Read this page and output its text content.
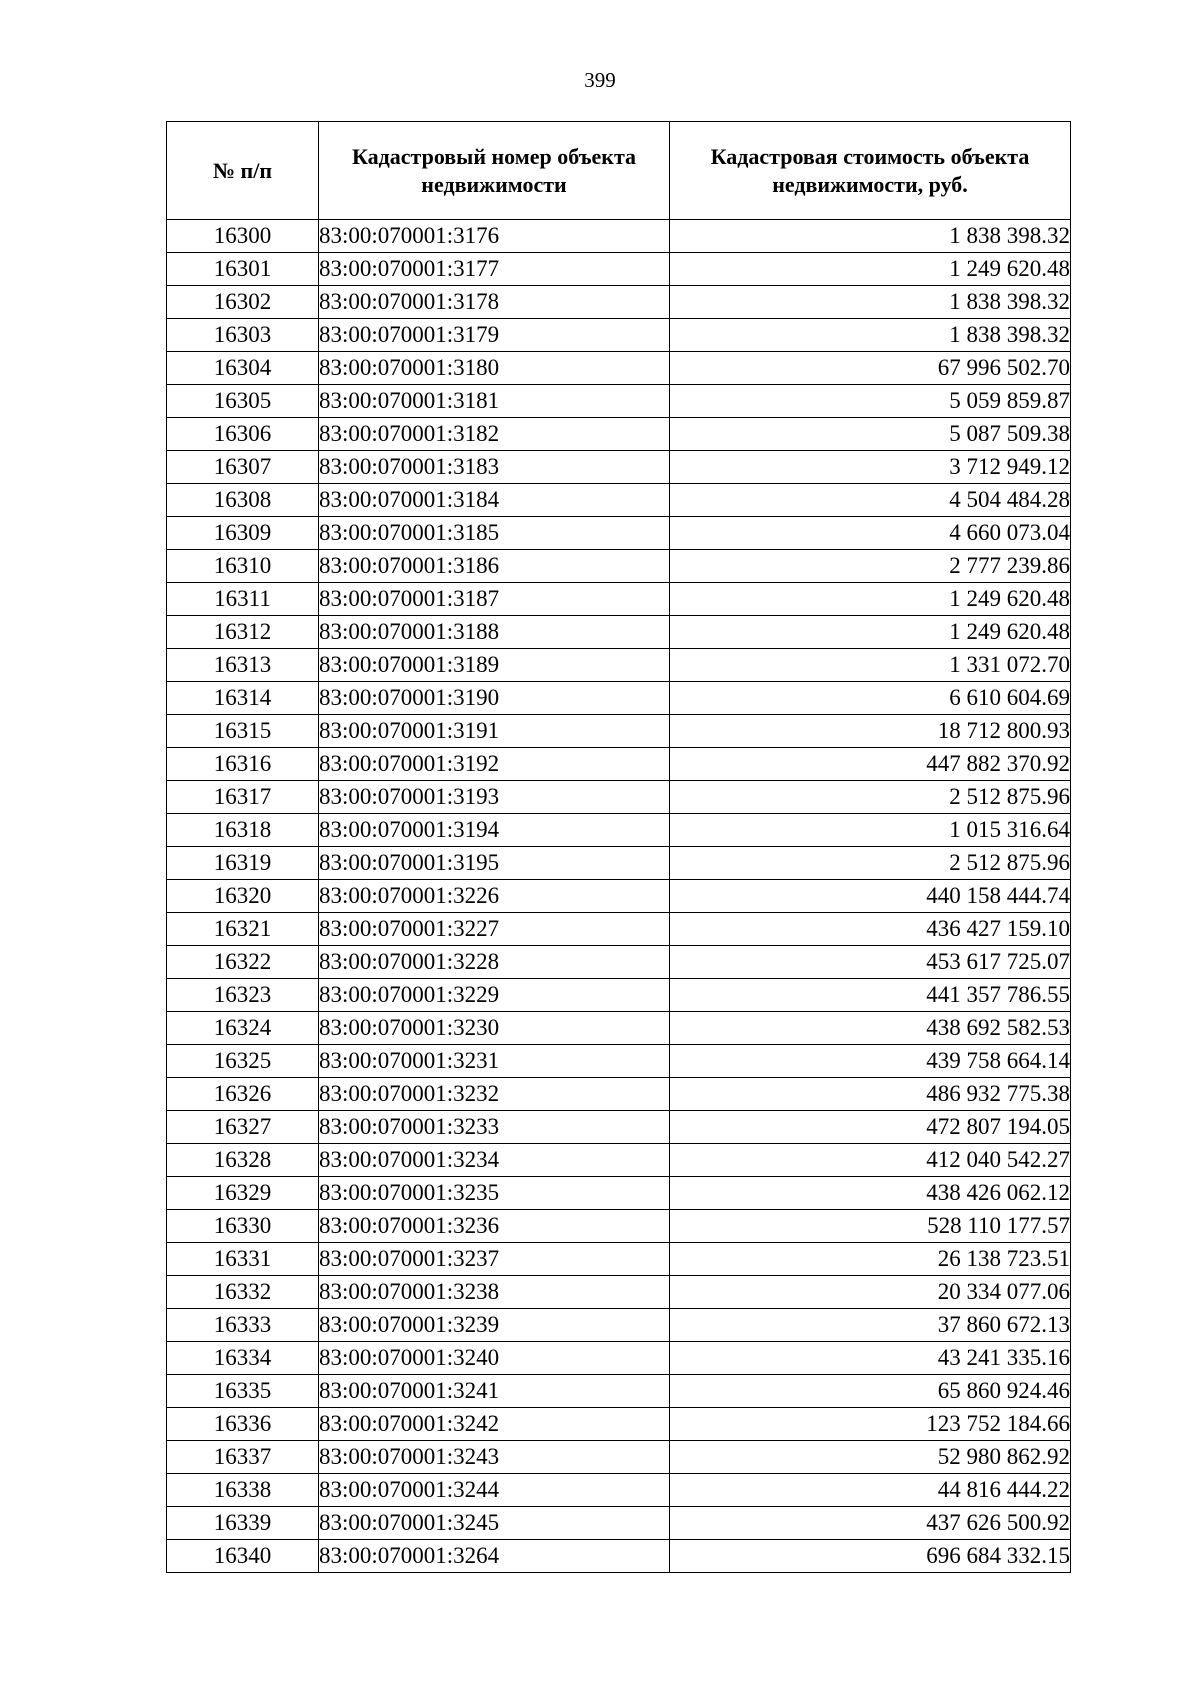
399
№ п/п	Кадастровый номер объекта недвижимости	Кадастровая стоимость объекта недвижимости, руб.
16300	83:00:070001:3176	1 838 398.32
16301	83:00:070001:3177	1 249 620.48
16302	83:00:070001:3178	1 838 398.32
16303	83:00:070001:3179	1 838 398.32
16304	83:00:070001:3180	67 996 502.70
16305	83:00:070001:3181	5 059 859.87
16306	83:00:070001:3182	5 087 509.38
16307	83:00:070001:3183	3 712 949.12
16308	83:00:070001:3184	4 504 484.28
16309	83:00:070001:3185	4 660 073.04
16310	83:00:070001:3186	2 777 239.86
16311	83:00:070001:3187	1 249 620.48
16312	83:00:070001:3188	1 249 620.48
16313	83:00:070001:3189	1 331 072.70
16314	83:00:070001:3190	6 610 604.69
16315	83:00:070001:3191	18 712 800.93
16316	83:00:070001:3192	447 882 370.92
16317	83:00:070001:3193	2 512 875.96
16318	83:00:070001:3194	1 015 316.64
16319	83:00:070001:3195	2 512 875.96
16320	83:00:070001:3226	440 158 444.74
16321	83:00:070001:3227	436 427 159.10
16322	83:00:070001:3228	453 617 725.07
16323	83:00:070001:3229	441 357 786.55
16324	83:00:070001:3230	438 692 582.53
16325	83:00:070001:3231	439 758 664.14
16326	83:00:070001:3232	486 932 775.38
16327	83:00:070001:3233	472 807 194.05
16328	83:00:070001:3234	412 040 542.27
16329	83:00:070001:3235	438 426 062.12
16330	83:00:070001:3236	528 110 177.57
16331	83:00:070001:3237	26 138 723.51
16332	83:00:070001:3238	20 334 077.06
16333	83:00:070001:3239	37 860 672.13
16334	83:00:070001:3240	43 241 335.16
16335	83:00:070001:3241	65 860 924.46
16336	83:00:070001:3242	123 752 184.66
16337	83:00:070001:3243	52 980 862.92
16338	83:00:070001:3244	44 816 444.22
16339	83:00:070001:3245	437 626 500.92
16340	83:00:070001:3264	696 684 332.15
